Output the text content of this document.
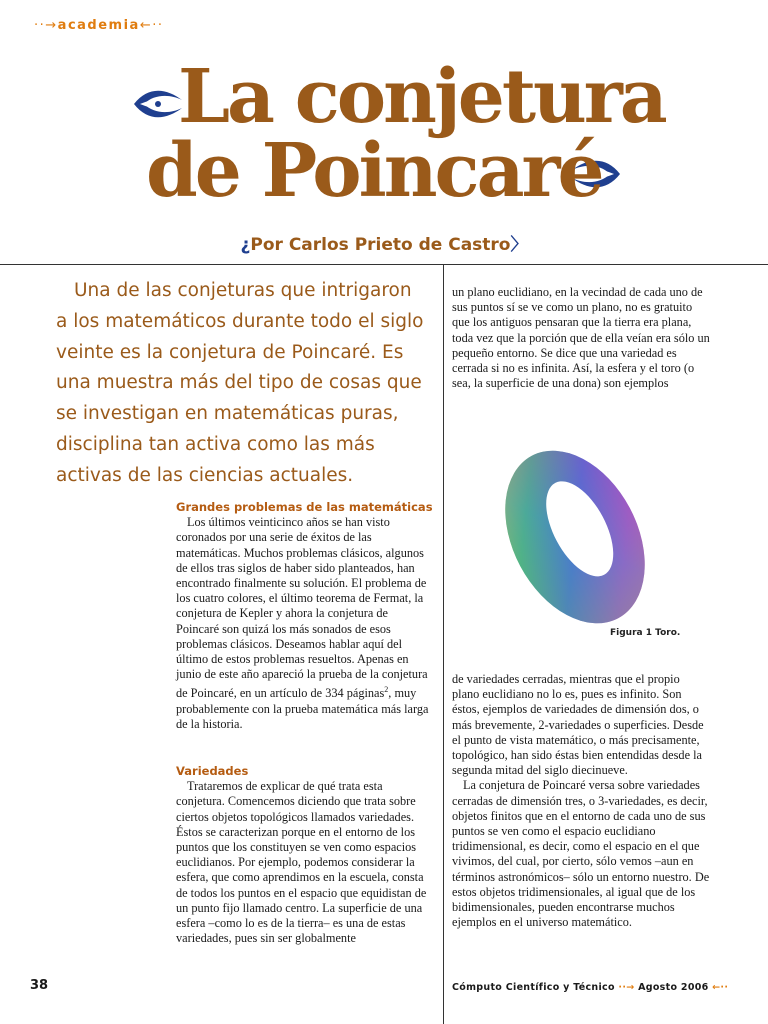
··→academia←··
La conjetura
de Poincaré
¿Por Carlos Prieto de Castro〉
Una de las conjeturas que intrigaron a los matemáticos durante todo el siglo veinte es la conjetura de Poincaré. Es una muestra más del tipo de cosas que se investigan en matemáticas puras, disciplina tan activa como las más activas de las ciencias actuales.
Grandes problemas de las matemáticas

Los últimos veinticinco años se han visto coronados por una serie de éxitos de las matemáticas. Muchos problemas clásicos, algunos de ellos tras siglos de haber sido planteados, han encontrado finalmente su solución. El problema de los cuatro colores, el último teorema de Fermat, la conjetura de Kepler y ahora la conjetura de Poincaré son quizá los más sonados de esos problemas clásicos. Deseamos hablar aquí del último de estos problemas resueltos. Apenas en junio de este año apareció la prueba de la conjetura de Poincaré, en un artículo de 334 páginas$^2$, muy probablemente con la prueba matemática más larga de la historia.

Variedades

Trataremos de explicar de qué trata esta conjetura. Comencemos diciendo que trata sobre ciertos objetos topológicos llamados variedades. Éstos se caracterizan porque en el entorno de los puntos que los constituyen se ven como espacios euclidianos. Por ejemplo, podemos considerar la esfera, que como aprendimos en la escuela, consta de todos los puntos en el espacio que equidistan de un punto fijo llamado centro. La superficie de una esfera –como lo es de la tierra– es una de estas variedades, pues sin ser globalmente

un plano euclidiano, en la vecindad de cada uno de sus puntos sí se ve como un plano, no es gratuito que los antiguos pensaran que la tierra era plana, toda vez que la porción que de ella veían era sólo un pequeño entorno. Se dice que una variedad es cerrada si no es infinita. Así, la esfera y el toro (o sea, la superficie de una dona) son ejemplos

Figura 1 Toro.

de variedades cerradas, mientras que el propio plano euclidiano no lo es, pues es infinito. Son éstos, ejemplos de variedades de dimensión dos, o más brevemente, 2-variedades o superficies. Desde el punto de vista matemático, o más precisamente, topológico, han sido éstas bien entendidas desde la segunda mitad del siglo diecinueve.

La conjetura de Poincaré versa sobre variedades cerradas de dimensión tres, o 3-variedades, es decir, objetos finitos que en el entorno de cada uno de sus puntos se ven como el espacio euclidiano tridimensional, es decir, como el espacio en el que vivimos, del cual, por cierto, sólo vemos –aun en términos astronómicos– sólo un entorno nuestro. De estos objetos tridimensionales, al igual que de los bidimensionales, pueden encontrarse muchos ejemplos en el universo matemático.

38	Cómputo Científico y Técnico ··→ Agosto 2006 ←··
